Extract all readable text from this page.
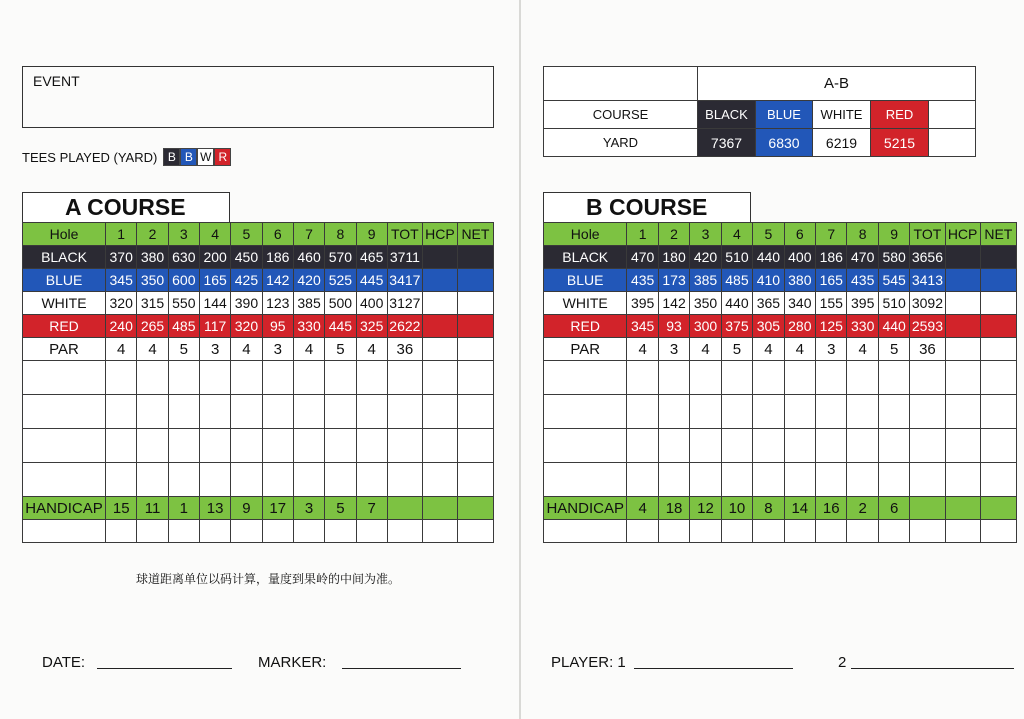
EVENT
TEES PLAYED (YARD) B B W R
A COURSE
Hole	1	2	3	4	5	6	7	8	9	TOT	HCP	NET
BLACK	370	380	630	200	450	186	460	570	465	3711		
BLUE	345	350	600	165	425	142	420	525	445	3417		
WHITE	320	315	550	144	390	123	385	500	400	3127		
RED	240	265	485	117	320	95	330	445	325	2622		
PAR	4	4	5	3	4	3	4	5	4	36		

HANDICAP	15	11	1	13	9	17	3	5	7			

球道距离单位以码计算，量度到果岭的中间为准。
DATE:	MARKER:
	A-B				
COURSE	BLACK	BLUE	WHITE	RED	
YARD	7367	6830	6219	5215	
B COURSE
Hole	1	2	3	4	5	6	7	8	9	TOT	HCP	NET
BLACK	470	180	420	510	440	400	186	470	580	3656		
BLUE	435	173	385	485	410	380	165	435	545	3413		
WHITE	395	142	350	440	365	340	155	395	510	3092		
RED	345	93	300	375	305	280	125	330	440	2593		
PAR	4	3	4	5	4	4	3	4	5	36		

HANDICAP	4	18	12	10	8	14	16	2	6			

PLAYER: 1	2
